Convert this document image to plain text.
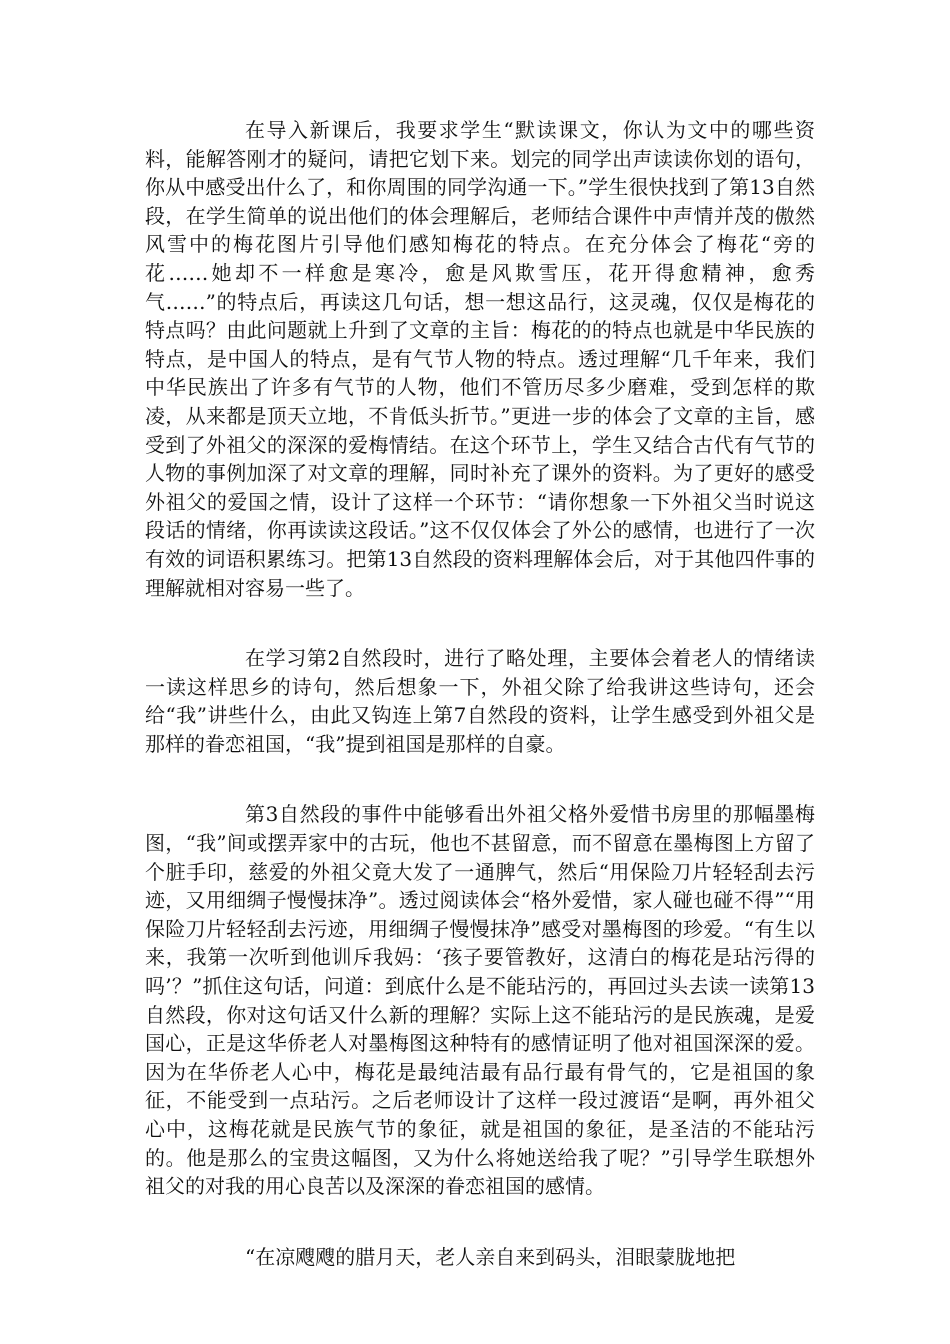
在导入新课后，我要求学生“默读课文，你认为文中的哪些资料，能解答刚才的疑问，请把它划下来。划完的同学出声读读你划的语句，你从中感受出什么了，和你周围的同学沟通一下。”学生很快找到了第13自然段，在学生简单的说出他们的体会理解后，老师结合课件中声情并茂的傲然风雪中的梅花图片引导他们感知梅花的特点。在充分体会了梅花“旁的花……她却不一样愈是寒冷，愈是风欺雪压，花开得愈精神，愈秀气……”的特点后，再读这几句话，想一想这品行，这灵魂，仅仅是梅花的特点吗？由此问题就上升到了文章的主旨：梅花的的特点也就是中华民族的特点，是中国人的特点，是有气节人物的特点。透过理解“几千年来，我们中华民族出了许多有气节的人物，他们不管历尽多少磨难，受到怎样的欺凌，从来都是顶天立地，不肯低头折节。”更进一步的体会了文章的主旨，感受到了外祖父的深深的爱梅情结。在这个环节上，学生又结合古代有气节的人物的事例加深了对文章的理解，同时补充了课外的资料。为了更好的感受外祖父的爱国之情，设计了这样一个环节：“请你想象一下外祖父当时说这段话的情绪，你再读读这段话。”这不仅仅体会了外公的感情，也进行了一次有效的词语积累练习。把第13自然段的资料理解体会后，对于其他四件事的理解就相对容易一些了。

在学习第2自然段时，进行了略处理，主要体会着老人的情绪读一读这样思乡的诗句，然后想象一下，外祖父除了给我讲这些诗句，还会给“我”讲些什么，由此又钩连上第7自然段的资料，让学生感受到外祖父是那样的眷恋祖国，“我”提到祖国是那样的自豪。

第3自然段的事件中能够看出外祖父格外爱惜书房里的那幅墨梅图，“我”间或摆弄家中的古玩，他也不甚留意，而不留意在墨梅图上方留了个脏手印，慈爱的外祖父竟大发了一通脾气，然后“用保险刀片轻轻刮去污迹，又用细绸子慢慢抹净”。透过阅读体会“格外爱惜，家人碰也碰不得”“用保险刀片轻轻刮去污迹，用细绸子慢慢抹净”感受对墨梅图的珍爱。“有生以来，我第一次听到他训斥我妈：‘孩子要管教好，这清白的梅花是玷污得的吗’？”抓住这句话，问道：到底什么是不能玷污的，再回过头去读一读第13自然段，你对这句话又什么新的理解？实际上这不能玷污的是民族魂，是爱国心，正是这华侨老人对墨梅图这种特有的感情证明了他对祖国深深的爱。因为在华侨老人心中，梅花是最纯洁最有品行最有骨气的，它是祖国的象征，不能受到一点玷污。之后老师设计了这样一段过渡语“是啊，再外祖父心中，这梅花就是民族气节的象征，就是祖国的象征，是圣洁的不能玷污的。他是那么的宝贵这幅图，又为什么将她送给我了呢？”引导学生联想外祖父的对我的用心良苦以及深深的眷恋祖国的感情。

“在凉飕飕的腊月天，老人亲自来到码头，泪眼蒙胧地把
